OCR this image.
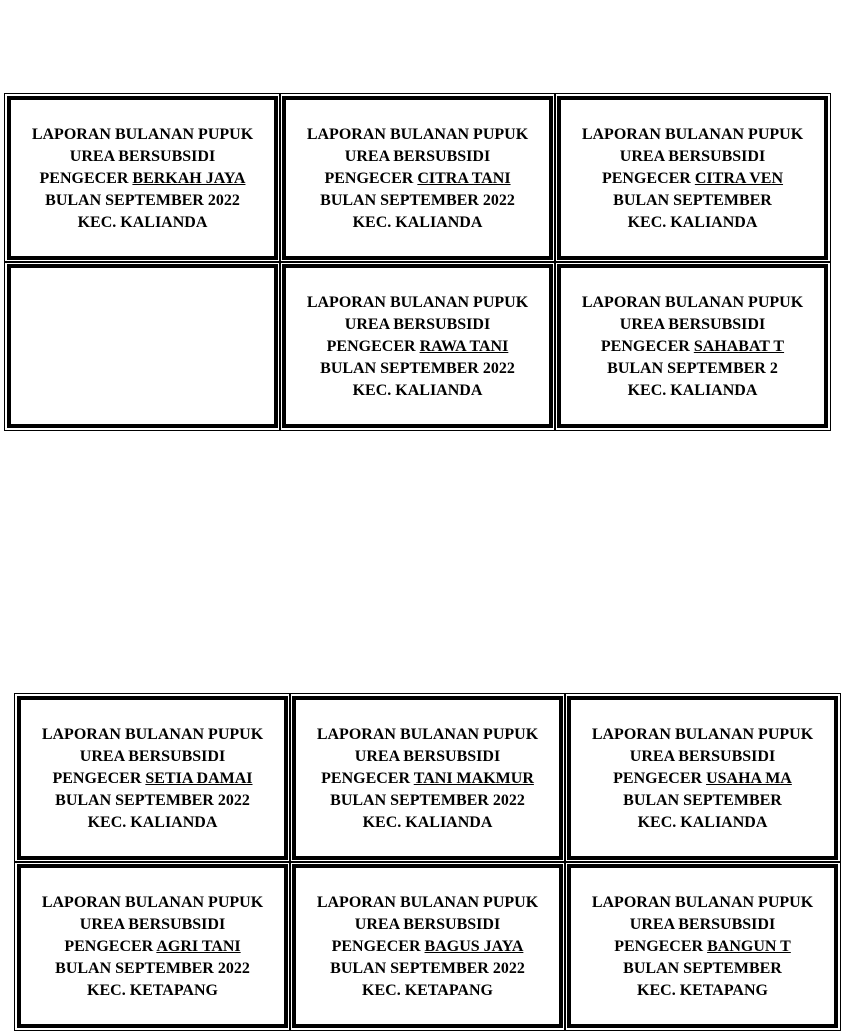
LAPORAN BULANAN PUPUK
UREA BERSUBSIDI
PENGECER BERKAH JAYA
BULAN SEPTEMBER 2022
KEC. KALIANDA
LAPORAN BULANAN PUPUK
UREA BERSUBSIDI
PENGECER CITRA TANI
BULAN SEPTEMBER 2022
KEC. KALIANDA
LAPORAN BULANAN PUPUK
UREA BERSUBSIDI
PENGECER CITRA VEN
BULAN SEPTEMBER
KEC. KALIANDA
LAPORAN BULANAN PUPUK
UREA BERSUBSIDI
PENGECER RAWA TANI
BULAN SEPTEMBER 2022
KEC. KALIANDA
LAPORAN BULANAN PUPUK
UREA BERSUBSIDI
PENGECER SAHABAT T
BULAN SEPTEMBER 2
KEC. KALIANDA
LAPORAN BULANAN PUPUK
UREA BERSUBSIDI
PENGECER SETIA DAMAI
BULAN SEPTEMBER 2022
KEC. KALIANDA
LAPORAN BULANAN PUPUK
UREA BERSUBSIDI
PENGECER TANI MAKMUR
BULAN SEPTEMBER 2022
KEC. KALIANDA
LAPORAN BULANAN PUPUK
UREA BERSUBSIDI
PENGECER USAHA MA
BULAN SEPTEMBER
KEC. KALIANDA
LAPORAN BULANAN PUPUK
UREA BERSUBSIDI
PENGECER AGRI TANI
BULAN SEPTEMBER 2022
KEC. KETAPANG
LAPORAN BULANAN PUPUK
UREA BERSUBSIDI
PENGECER BAGUS JAYA
BULAN SEPTEMBER 2022
KEC. KETAPANG
LAPORAN BULANAN PUPUK
UREA BERSUBSIDI
PENGECER BANGUN T
BULAN SEPTEMBER
KEC. KETAPANG
